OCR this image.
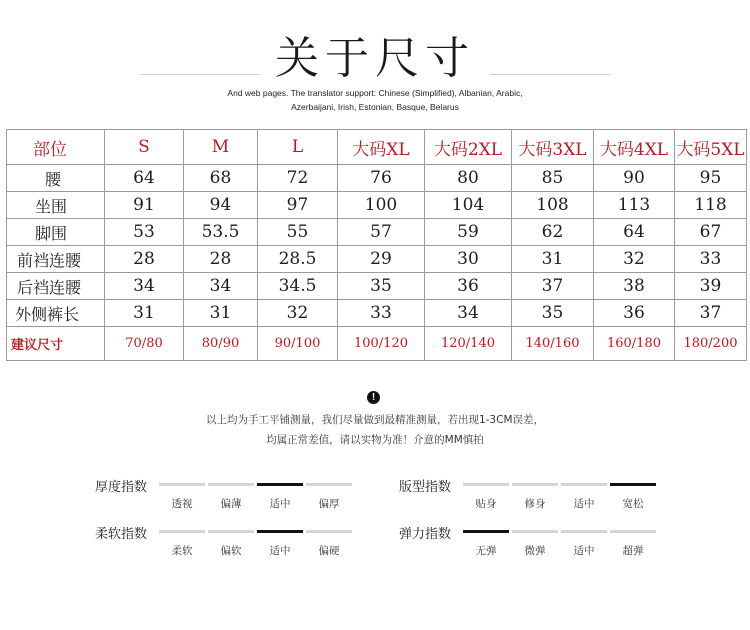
关于尺寸
And web pages. The translator support: Chinese (Simplified), Albanian, Arabic,
Azerbaijani, Irish, Estonian, Basque, Belarus
部位	S	M	L	大码XL	大码2XL	大码3XL	大码4XL	大码5XL
腰	64	68	72	76	80	85	90	95
坐围	91	94	97	100	104	108	113	118
脚围	53	53.5	55	57	59	62	64	67
前裆连腰	28	28	28.5	29	30	31	32	33
后裆连腰	34	34	34.5	35	36	37	38	39
外侧裤长	31	31	32	33	34	35	36	37
建议尺寸	70/80	80/90	90/100	100/120	120/140	140/160	160/180	180/200
!
以上均为手工平铺测量，我们尽量做到最精准测量，若出现1-3CM误差，
均属正常差值，请以实物为准！介意的MM慎拍
厚度指数
透视	偏薄	适中	偏厚
版型指数
贴身	修身	适中	宽松
柔软指数
柔软	偏软	适中	偏硬
弹力指数
无弹	微弹	适中	超弹
